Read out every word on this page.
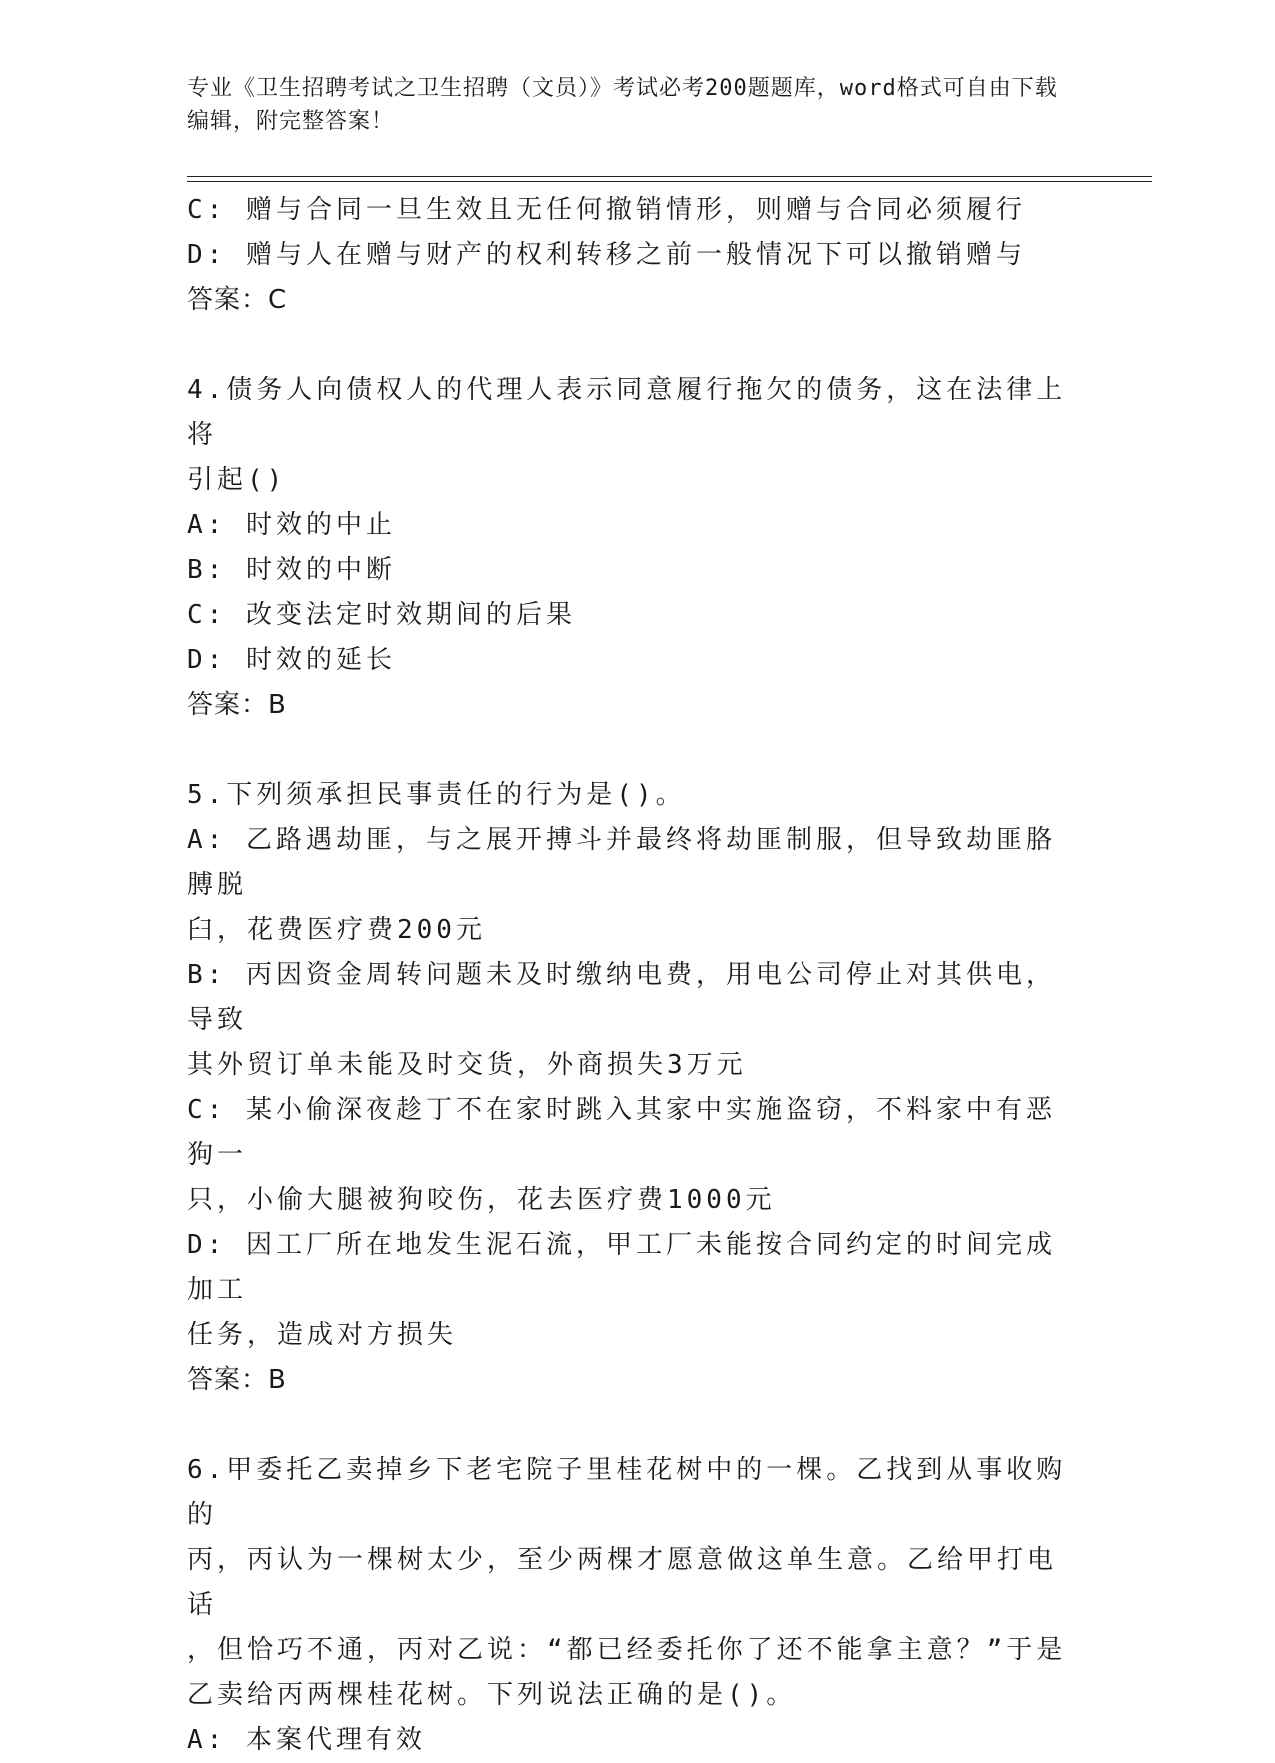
专业《卫生招聘考试之卫生招聘（文员）》考试必考200题题库，word格式可自由下载编辑，附完整答案！
C: 赠与合同一旦生效且无任何撤销情形，则赠与合同必须履行
D: 赠与人在赠与财产的权利转移之前一般情况下可以撤销赠与
答案：C
4.债务人向债权人的代理人表示同意履行拖欠的债务，这在法律上将
引起()
A: 时效的中止
B: 时效的中断
C: 改变法定时效期间的后果
D: 时效的延长
答案：B
5.下列须承担民事责任的行为是()。
A: 乙路遇劫匪，与之展开搏斗并最终将劫匪制服，但导致劫匪胳膊脱
臼，花费医疗费200元
B: 丙因资金周转问题未及时缴纳电费，用电公司停止对其供电，导致
其外贸订单未能及时交货，外商损失3万元
C: 某小偷深夜趁丁不在家时跳入其家中实施盗窃，不料家中有恶狗一
只，小偷大腿被狗咬伤，花去医疗费1000元
D: 因工厂所在地发生泥石流，甲工厂未能按合同约定的时间完成加工
任务，造成对方损失
答案：B
6.甲委托乙卖掉乡下老宅院子里桂花树中的一棵。乙找到从事收购的
丙，丙认为一棵树太少，至少两棵才愿意做这单生意。乙给甲打电话
，但恰巧不通，丙对乙说：“都已经委托你了还不能拿主意？”于是
乙卖给丙两棵桂花树。下列说法正确的是()。
A: 本案代理有效
